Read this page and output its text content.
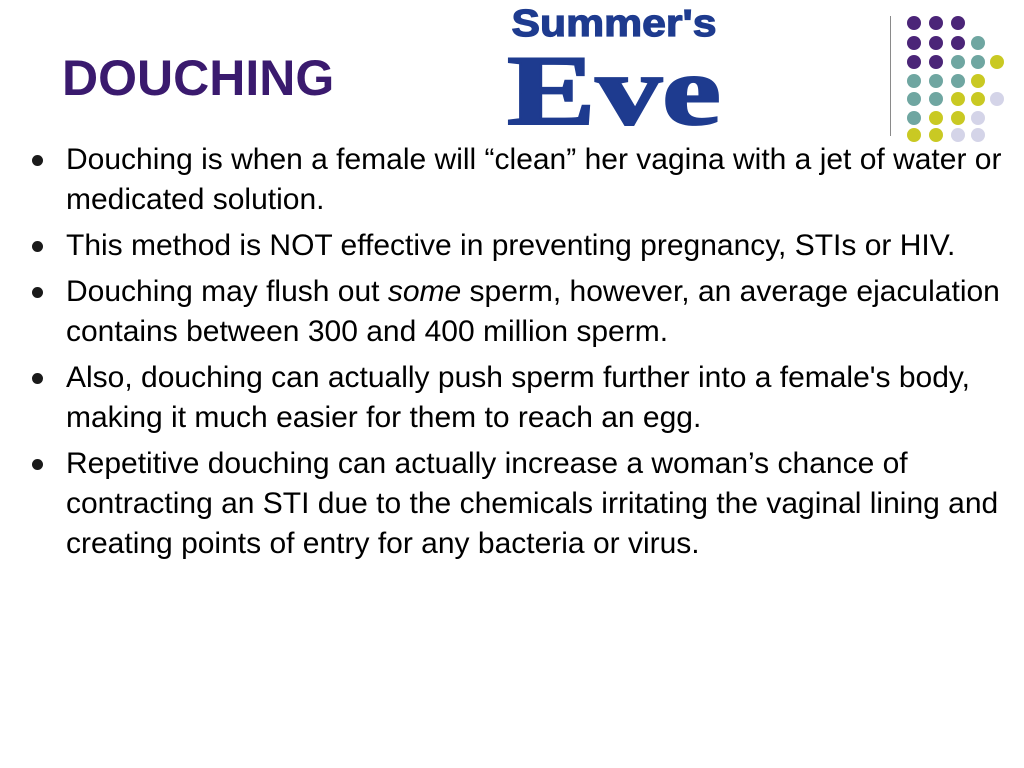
DOUCHING
Summer's
Eve
Douching is when a female will “clean” her vagina with a jet of water or medicated solution.
This method is NOT effective in preventing pregnancy, STIs or HIV.
Douching may flush out some sperm, however, an average ejaculation contains between 300 and 400 million sperm.
Also, douching can actually push sperm further into a female's body, making it much easier for them to reach an egg.
Repetitive douching can actually increase a woman’s chance of contracting an STI due to the chemicals irritating the vaginal lining and creating points of entry for any bacteria or virus.
